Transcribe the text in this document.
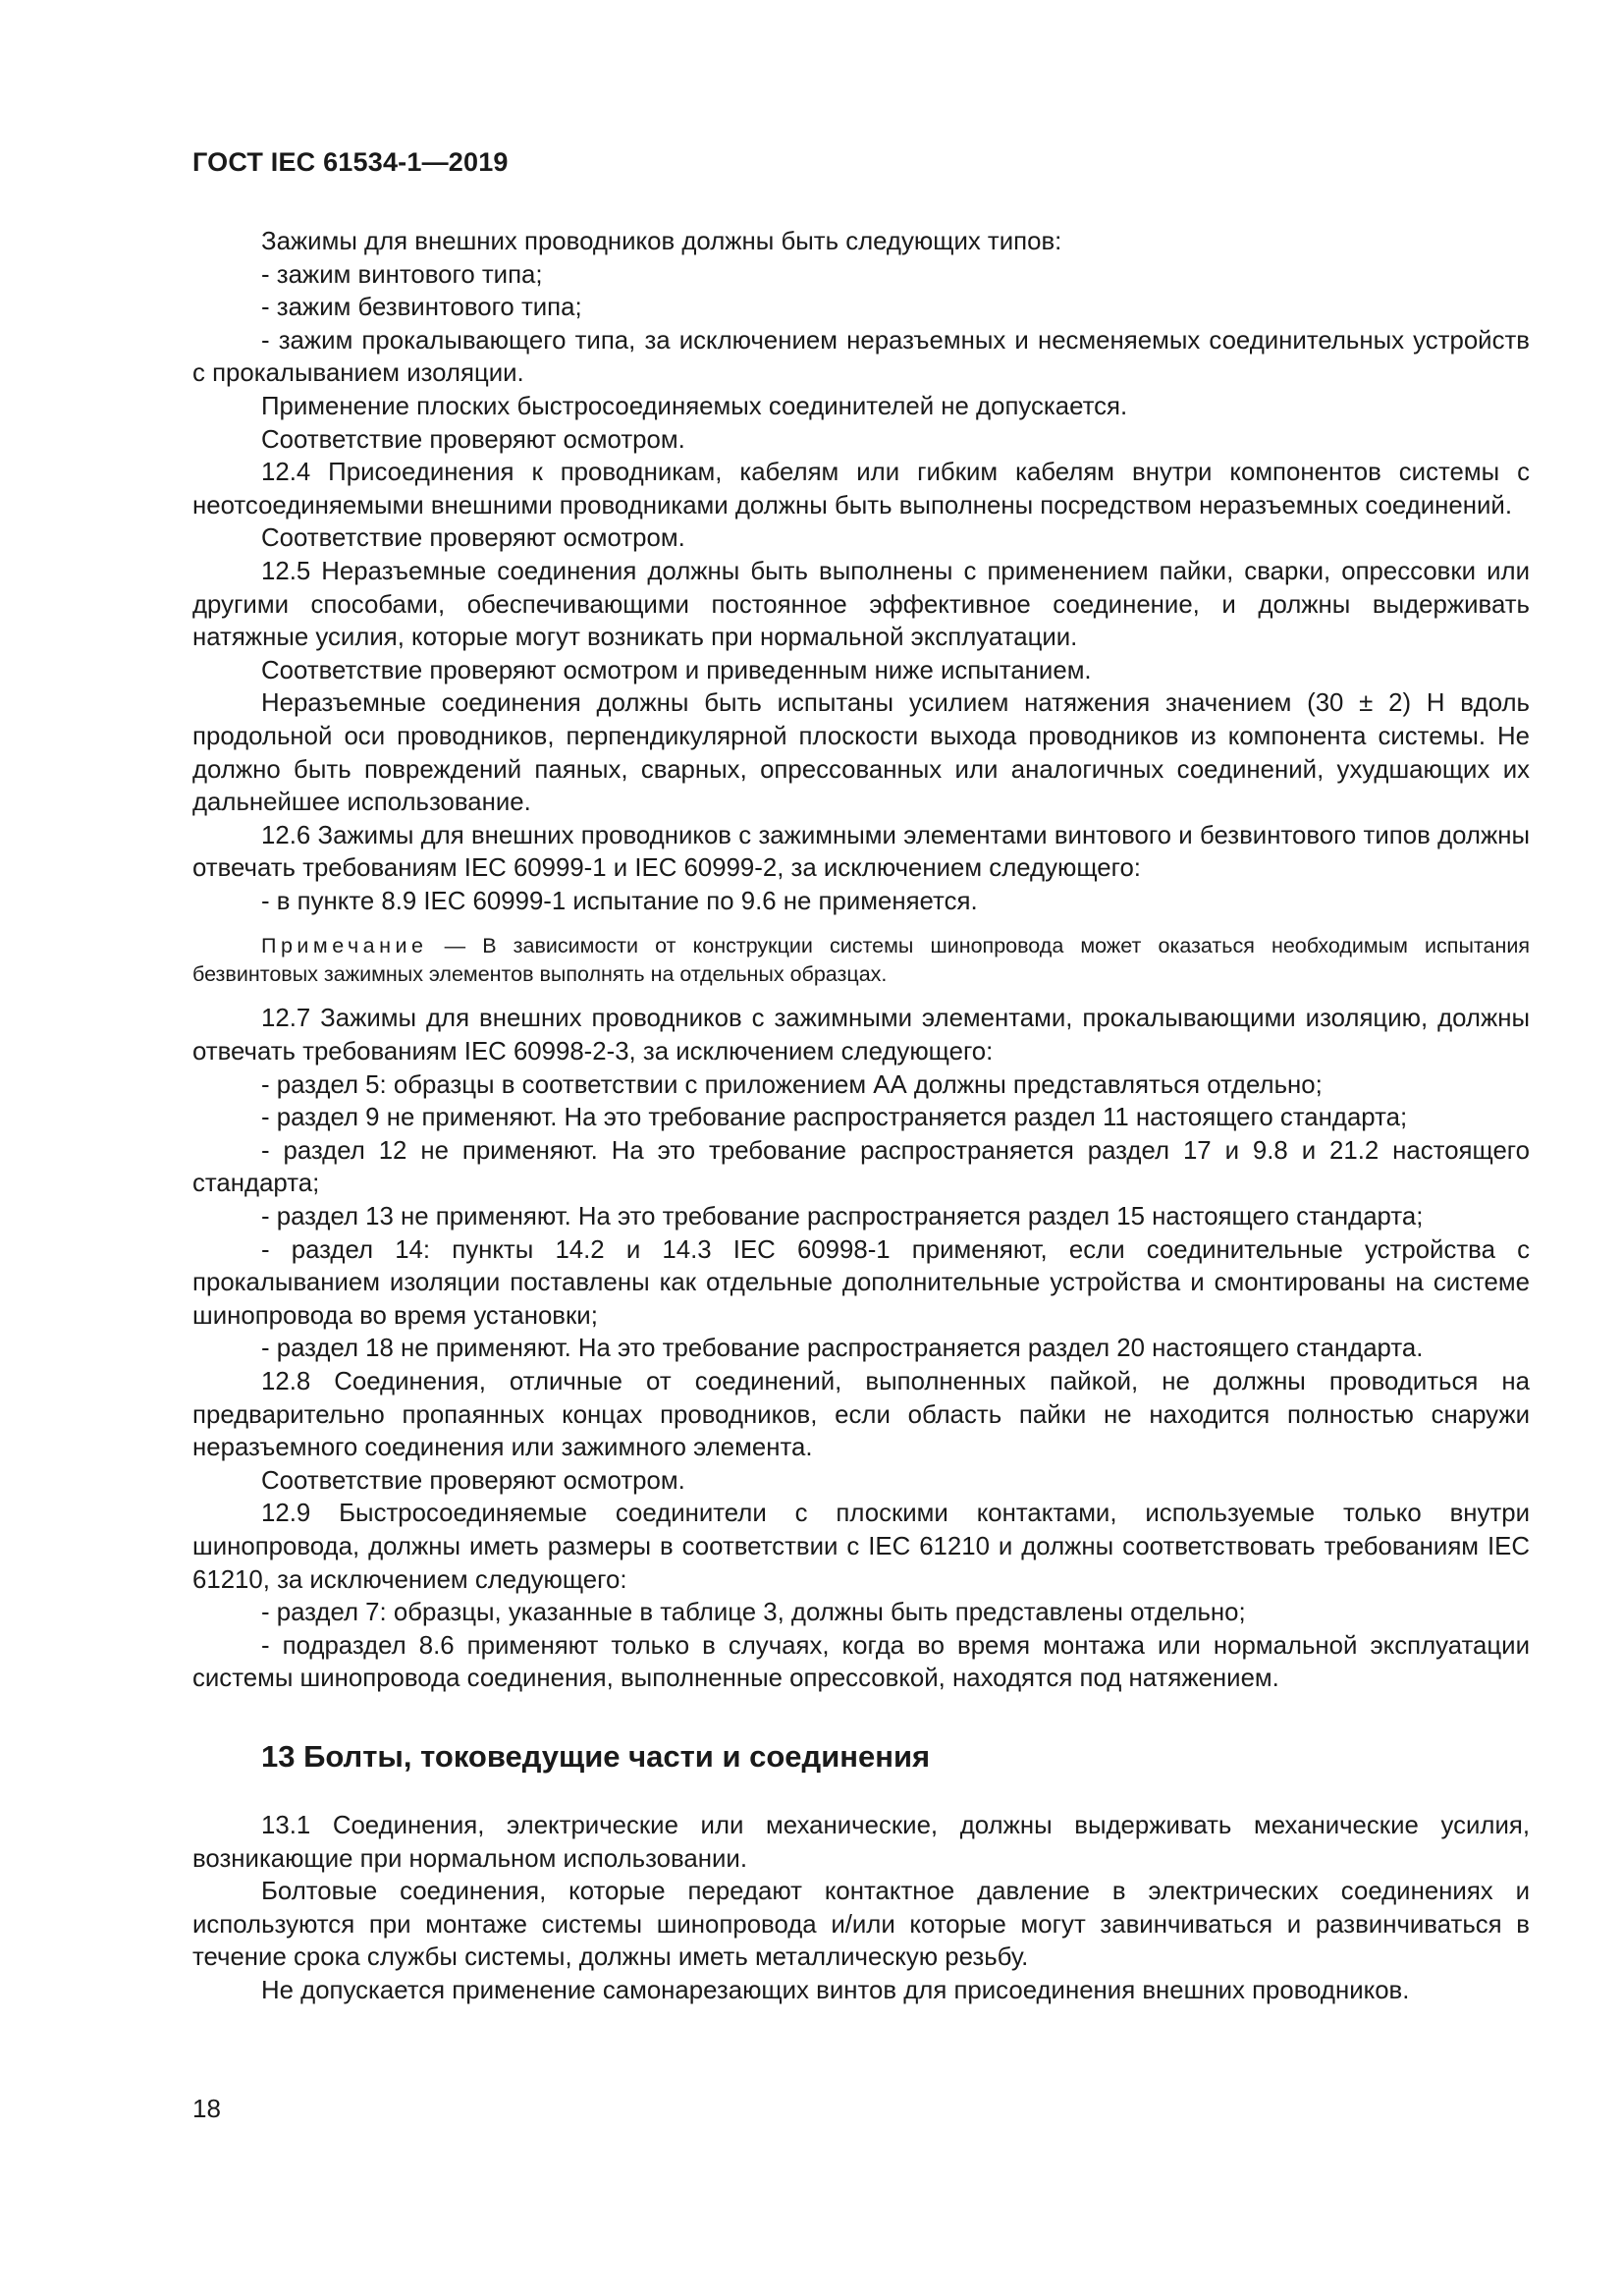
ГОСТ IEC 61534-1—2019

Зажимы для внешних проводников должны быть следующих типов:

- зажим винтового типа;

- зажим безвинтового типа;

- зажим прокалывающего типа, за исключением неразъемных и несменяемых соединительных устройств с прокалыванием изоляции.

Применение плоских быстросоединяемых соединителей не допускается.

Соответствие проверяют осмотром.

12.4 Присоединения к проводникам, кабелям или гибким кабелям внутри компонентов системы с неотсоединяемыми внешними проводниками должны быть выполнены посредством неразъемных соединений.

Соответствие проверяют осмотром.

12.5 Неразъемные соединения должны быть выполнены с применением пайки, сварки, опрессовки или другими способами, обеспечивающими постоянное эффективное соединение, и должны выдерживать натяжные усилия, которые могут возникать при нормальной эксплуатации.

Соответствие проверяют осмотром и приведенным ниже испытанием.

Неразъемные соединения должны быть испытаны усилием натяжения значением (30 ± 2) Н вдоль продольной оси проводников, перпендикулярной плоскости выхода проводников из компонента системы. Не должно быть повреждений паяных, сварных, опрессованных или аналогичных соединений, ухудшающих их дальнейшее использование.

12.6 Зажимы для внешних проводников с зажимными элементами винтового и безвинтового типов должны отвечать требованиям IEC 60999-1 и IEC 60999-2, за исключением следующего:

- в пункте 8.9 IEC 60999-1 испытание по 9.6 не применяется.

Примечание — В зависимости от конструкции системы шинопровода может оказаться необходимым испытания безвинтовых зажимных элементов выполнять на отдельных образцах.

12.7 Зажимы для внешних проводников с зажимными элементами, прокалывающими изоляцию, должны отвечать требованиям IEC 60998-2-3, за исключением следующего:

- раздел 5: образцы в соответствии с приложением АА должны представляться отдельно;

- раздел 9 не применяют. На это требование распространяется раздел 11 настоящего стандарта;

- раздел 12 не применяют. На это требование распространяется раздел 17 и 9.8 и 21.2 настоящего стандарта;

- раздел 13 не применяют. На это требование распространяется раздел 15 настоящего стандарта;

- раздел 14: пункты 14.2 и 14.3 IEC 60998-1 применяют, если соединительные устройства с прокалыванием изоляции поставлены как отдельные дополнительные устройства и смонтированы на системе шинопровода во время установки;

- раздел 18 не применяют. На это требование распространяется раздел 20 настоящего стандарта.

12.8 Соединения, отличные от соединений, выполненных пайкой, не должны проводиться на предварительно пропаянных концах проводников, если область пайки не находится полностью снаружи неразъемного соединения или зажимного элемента.

Соответствие проверяют осмотром.

12.9 Быстросоединяемые соединители с плоскими контактами, используемые только внутри шинопровода, должны иметь размеры в соответствии с IEC 61210 и должны соответствовать требованиям IEC 61210, за исключением следующего:

- раздел 7: образцы, указанные в таблице 3, должны быть представлены отдельно;

- подраздел 8.6 применяют только в случаях, когда во время монтажа или нормальной эксплуатации системы шинопровода соединения, выполненные опрессовкой, находятся под натяжением.

13 Болты, токоведущие части и соединения

13.1 Соединения, электрические или механические, должны выдерживать механические усилия, возникающие при нормальном использовании.

Болтовые соединения, которые передают контактное давление в электрических соединениях и используются при монтаже системы шинопровода и/или которые могут завинчиваться и развинчиваться в течение срока службы системы, должны иметь металлическую резьбу.

Не допускается применение самонарезающих винтов для присоединения внешних проводников.

18
